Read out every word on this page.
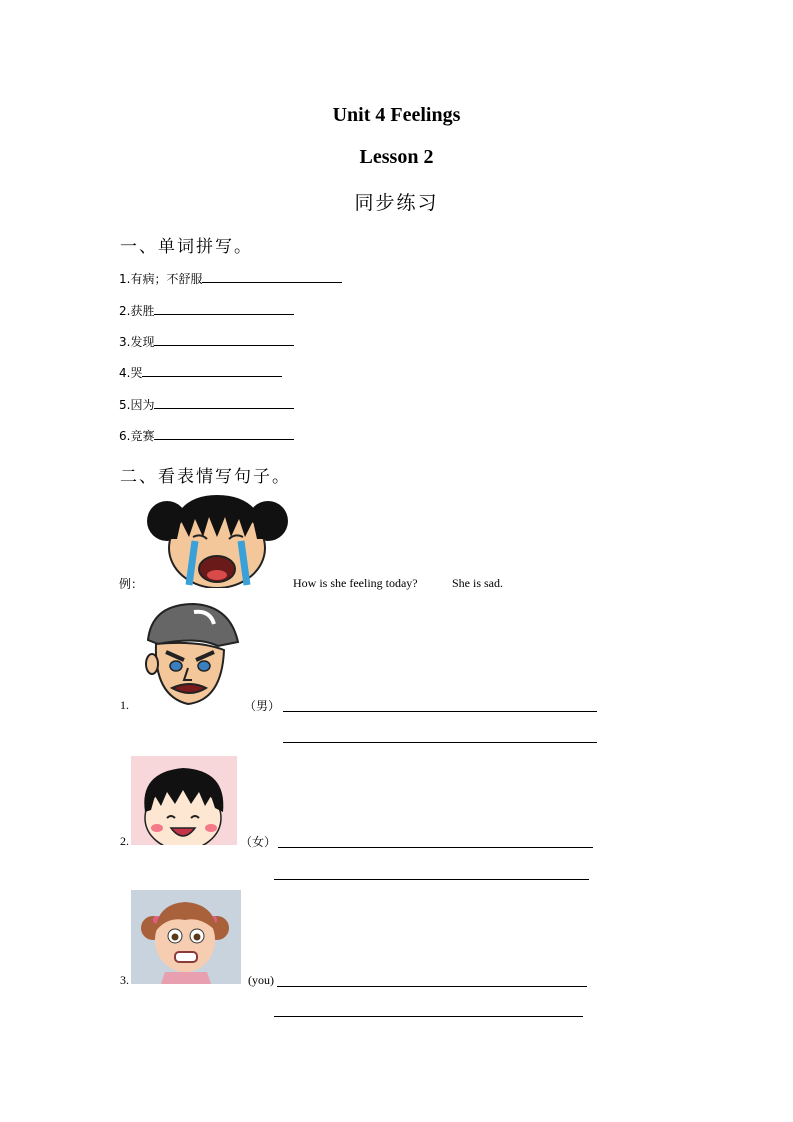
Unit 4 Feelings
Lesson 2
同步练习
一、单词拼写。
1.有病；不舒服
2.获胜
3.发现
4.哭
5.因为
6.竞赛
二、看表情写句子。
例：	How is she feeling today?	She is sad.
1.	（男）
2.	（女）
3.	(you)
